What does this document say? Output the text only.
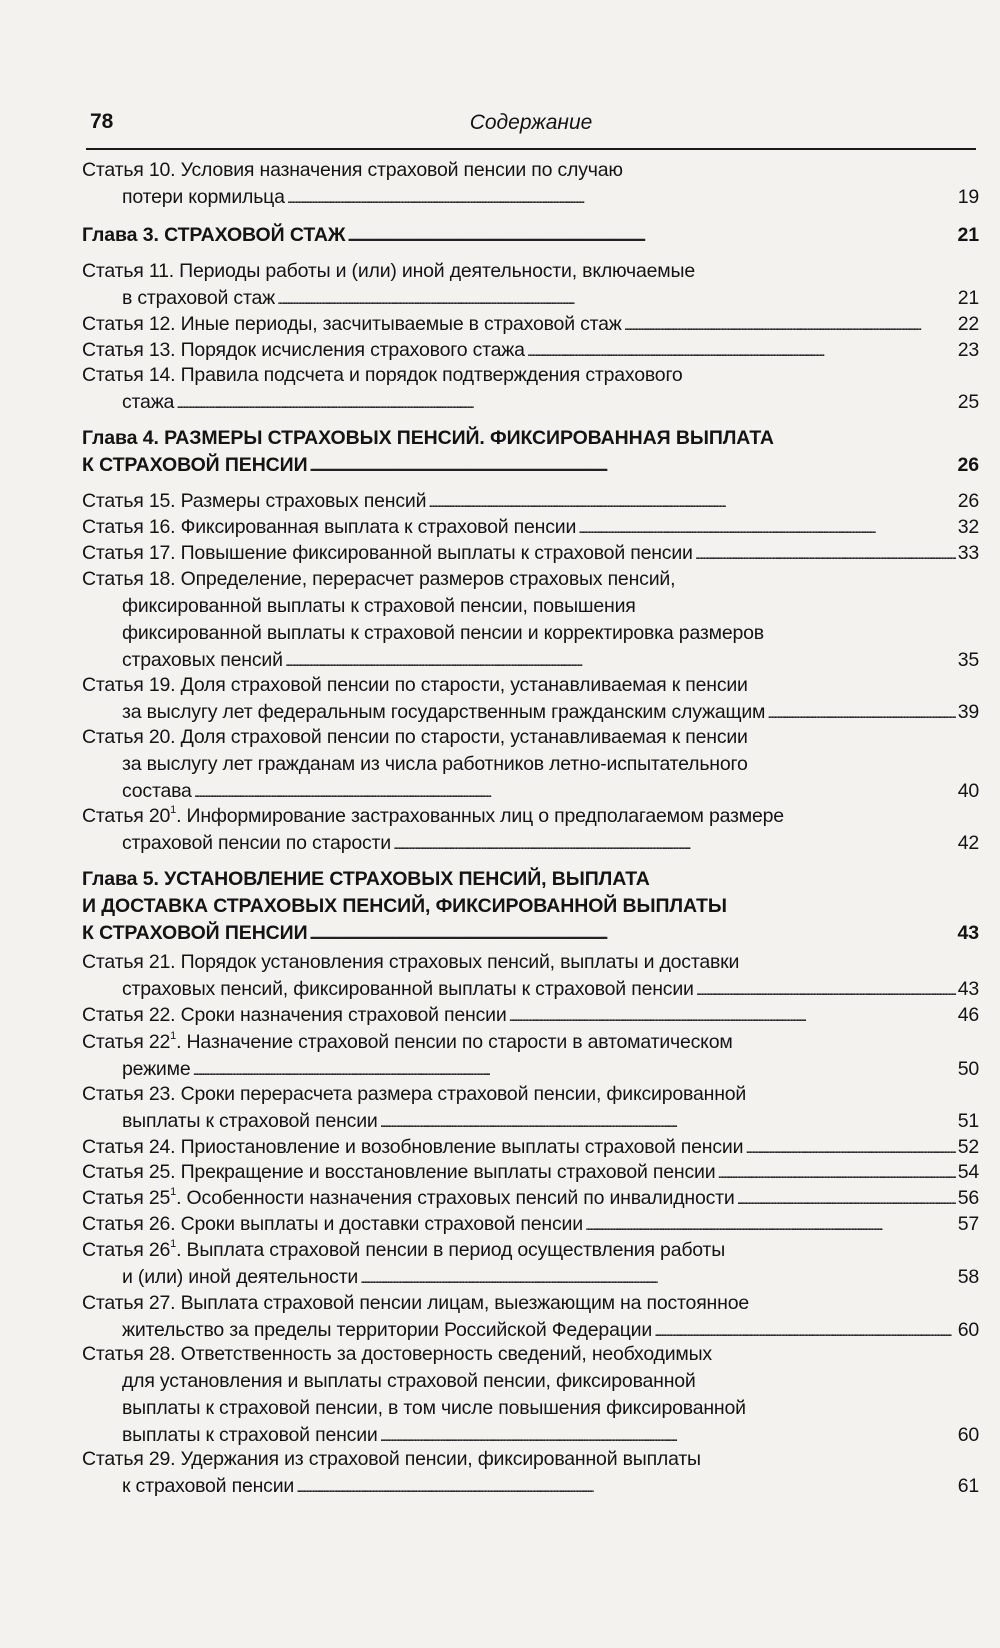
78	Содержание
Статья 10. Условия назначения страховой пенсии по случаю
потери кормильца . . .	19
Глава 3. СТРАХОВОЙ СТАЖ . . .	21
Статья 11. Периоды работы и (или) иной деятельности, включаемые
в страховой стаж . . .	21
Статья 12. Иные периоды, засчитываемые в страховой стаж . . .	22
Статья 13. Порядок исчисления страхового стажа . . .	23
Статья 14. Правила подсчета и порядок подтверждения страхового
стажа . . .	25
Глава 4. РАЗМЕРЫ СТРАХОВЫХ ПЕНСИЙ. ФИКСИРОВАННАЯ ВЫПЛАТА
К СТРАХОВОЙ ПЕНСИИ . . .	26
Статья 15. Размеры страховых пенсий . . .	26
Статья 16. Фиксированная выплата к страховой пенсии . . .	32
Статья 17. Повышение фиксированной выплаты к страховой пенсии . . .	33
Статья 18. Определение, перерасчет размеров страховых пенсий,
фиксированной выплаты к страховой пенсии, повышения
фиксированной выплаты к страховой пенсии и корректировка размеров
страховых пенсий . . .	35
Статья 19. Доля страховой пенсии по старости, устанавливаемая к пенсии
за выслугу лет федеральным государственным гражданским служащим . . .	39
Статья 20. Доля страховой пенсии по старости, устанавливаемая к пенсии
за выслугу лет гражданам из числа работников летно-испытательного
состава . . .	40
Статья $20^1$. Информирование застрахованных лиц о предполагаемом размере
страховой пенсии по старости . . .	42
Глава 5. УСТАНОВЛЕНИЕ СТРАХОВЫХ ПЕНСИЙ, ВЫПЛАТА
И ДОСТАВКА СТРАХОВЫХ ПЕНСИЙ, ФИКСИРОВАННОЙ ВЫПЛАТЫ
К СТРАХОВОЙ ПЕНСИИ . . .	43
Статья 21. Порядок установления страховых пенсий, выплаты и доставки
страховых пенсий, фиксированной выплаты к страховой пенсии . . .	43
Статья 22. Сроки назначения страховой пенсии . . .	46
Статья $22^1$. Назначение страховой пенсии по старости в автоматическом
режиме . . .	50
Статья 23. Сроки перерасчета размера страховой пенсии, фиксированной
выплаты к страховой пенсии . . .	51
Статья 24. Приостановление и возобновление выплаты страховой пенсии . . .	52
Статья 25. Прекращение и восстановление выплаты страховой пенсии . . .	54
Статья $25^1$. Особенности назначения страховых пенсий по инвалидности . . .	56
Статья 26. Сроки выплаты и доставки страховой пенсии . . .	57
Статья $26^1$. Выплата страховой пенсии в период осуществления работы
и (или) иной деятельности . . .	58
Статья 27. Выплата страховой пенсии лицам, выезжающим на постоянное
жительство за пределы территории Российской Федерации . . .	60
Статья 28. Ответственность за достоверность сведений, необходимых
для установления и выплаты страховой пенсии, фиксированной
выплаты к страховой пенсии, в том числе повышения фиксированной
выплаты к страховой пенсии . . .	60
Статья 29. Удержания из страховой пенсии, фиксированной выплаты
к страховой пенсии . . .	61
